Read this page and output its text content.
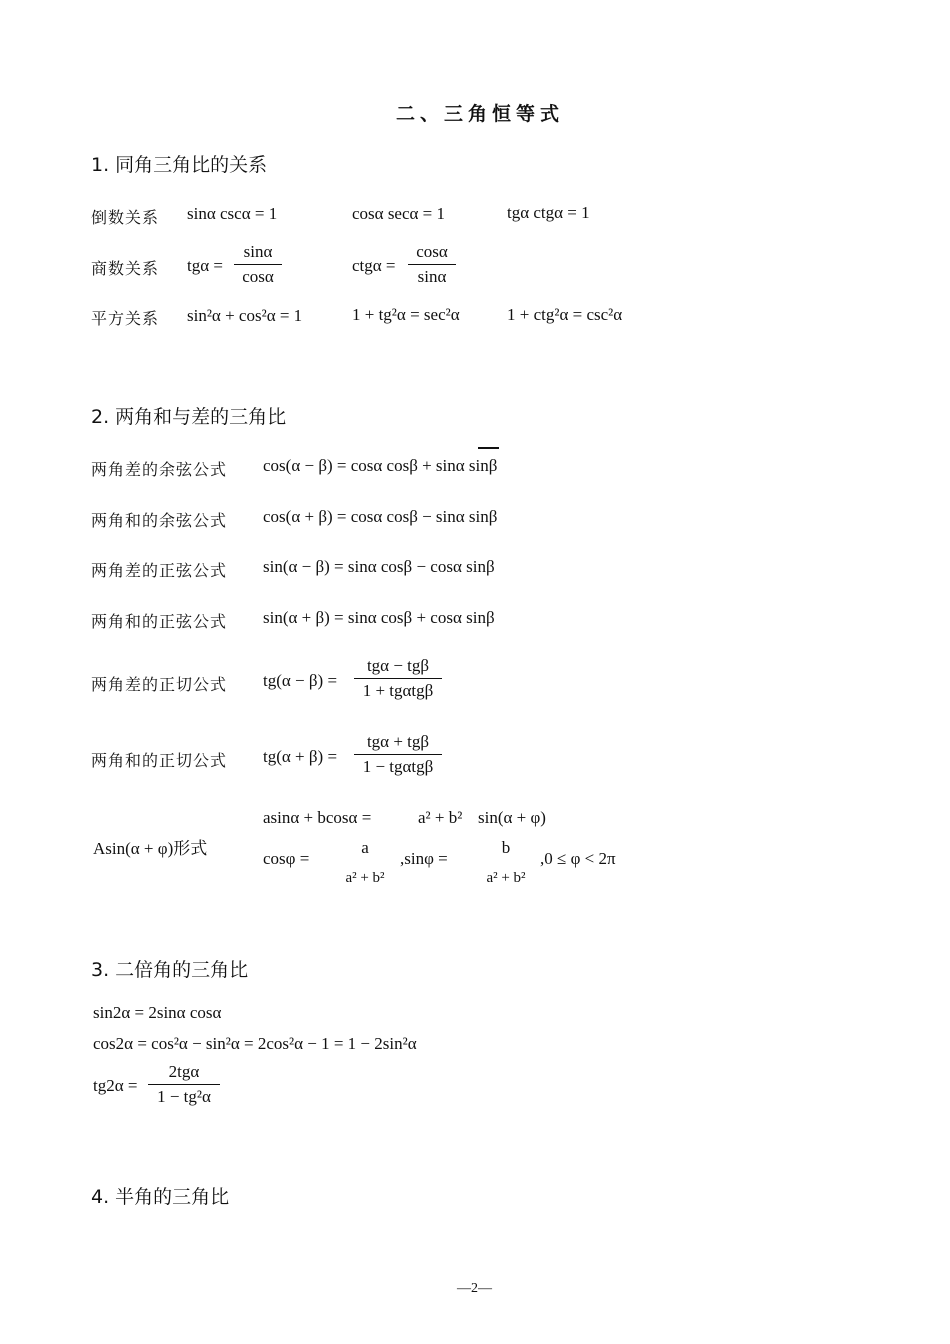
二、三角恒等式
1. 同角三角比的关系
倒数关系 sinα cscα = 1	cosα secα = 1	tgα ctgα = 1
商数关系 $tg\alpha = \frac{\sin\alpha}{\cos\alpha}$	$ctg\alpha = \frac{\cos\alpha}{\sin\alpha}$
平方关系 sin²α + cos²α = 1	1 + tg²α = sec²α	1 + ctg²α = csc²α
2. 两角和与差的三角比
两角差的余弦公式 cos(α − β) = cosα cosβ + sinα sinβ
两角和的余弦公式 cos(α + β) = cosα cosβ − sinα sinβ
两角差的正弦公式 sin(α − β) = sinα cosβ − cosα sinβ
两角和的正弦公式 sin(α + β) = sinα cosβ + cosα sinβ
两角差的正切公式 tg(α − β) =
tgα − tgβ
1 + tgαtgβ
两角和的正切公式 tg(α + β) =
tgα + tgβ
1 − tgαtgβ
Asin(α + φ)形式
asinα + bcosα =	a² + b² sin(α + φ)
cosφ =
a
a² + b²
,sinφ =
b
a² + b²
,0 ≤ φ < 2π
3. 二倍角的三角比
sin2α = 2sinα cosα
cos2α = cos²α − sin²α = 2cos²α − 1 = 1 − 2sin²α
tg2α =
2tgα
1 − tg²α
4. 半角的三角比
—2—
